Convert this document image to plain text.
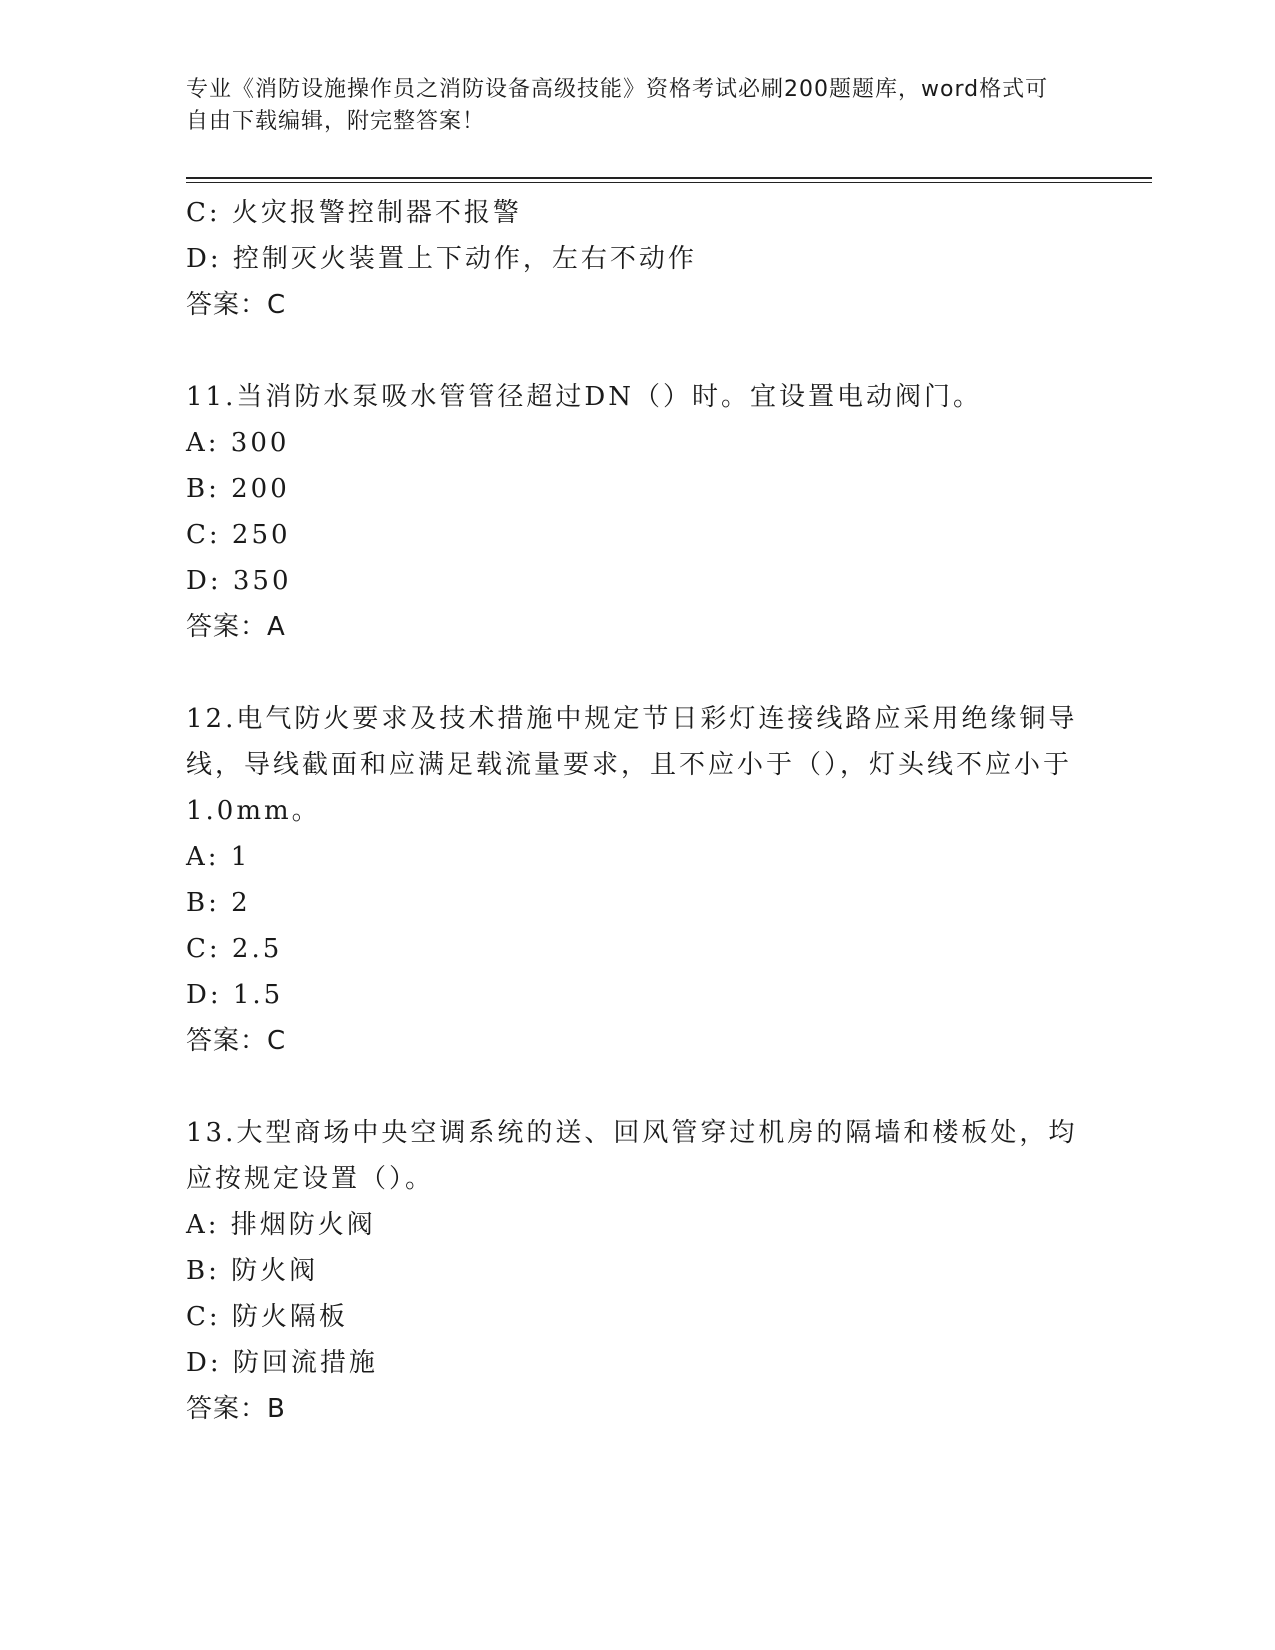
专业《消防设施操作员之消防设备高级技能》资格考试必刷200题题库，word格式可自由下载编辑，附完整答案！
C: 火灾报警控制器不报警
D: 控制灭火装置上下动作，左右不动作
答案：C
11.当消防水泵吸水管管径超过DN（）时。宜设置电动阀门。
A: 300
B: 200
C: 250
D: 350
答案：A
12.电气防火要求及技术措施中规定节日彩灯连接线路应采用绝缘铜导线，导线截面和应满足载流量要求，且不应小于（），灯头线不应小于1.0mm。
A: 1
B: 2
C: 2.5
D: 1.5
答案：C
13.大型商场中央空调系统的送、回风管穿过机房的隔墙和楼板处，均应按规定设置（）。
A: 排烟防火阀
B: 防火阀
C: 防火隔板
D: 防回流措施
答案：B
